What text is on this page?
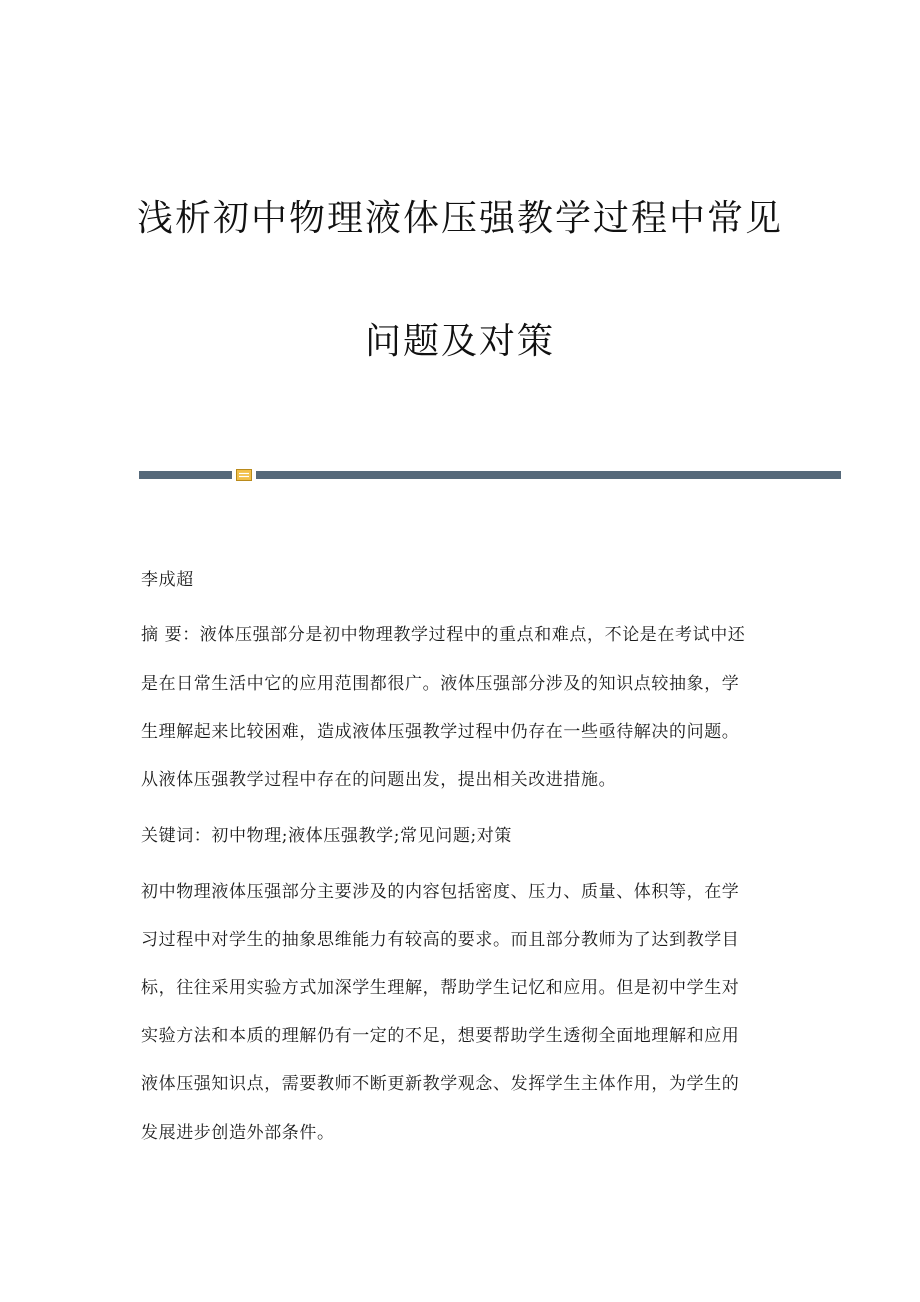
浅析初中物理液体压强教学过程中常见
问题及对策
李成超
摘 要：液体压强部分是初中物理教学过程中的重点和难点，不论是在考试中还
是在日常生活中它的应用范围都很广。液体压强部分涉及的知识点较抽象，学
生理解起来比较困难，造成液体压强教学过程中仍存在一些亟待解决的问题。
从液体压强教学过程中存在的问题出发，提出相关改进措施。
关键词：初中物理;液体压强教学;常见问题;对策
初中物理液体压强部分主要涉及的内容包括密度、压力、质量、体积等，在学
习过程中对学生的抽象思维能力有较高的要求。而且部分教师为了达到教学目
标，往往采用实验方式加深学生理解，帮助学生记忆和应用。但是初中学生对
实验方法和本质的理解仍有一定的不足，想要帮助学生透彻全面地理解和应用
液体压强知识点，需要教师不断更新教学观念、发挥学生主体作用，为学生的
发展进步创造外部条件。
